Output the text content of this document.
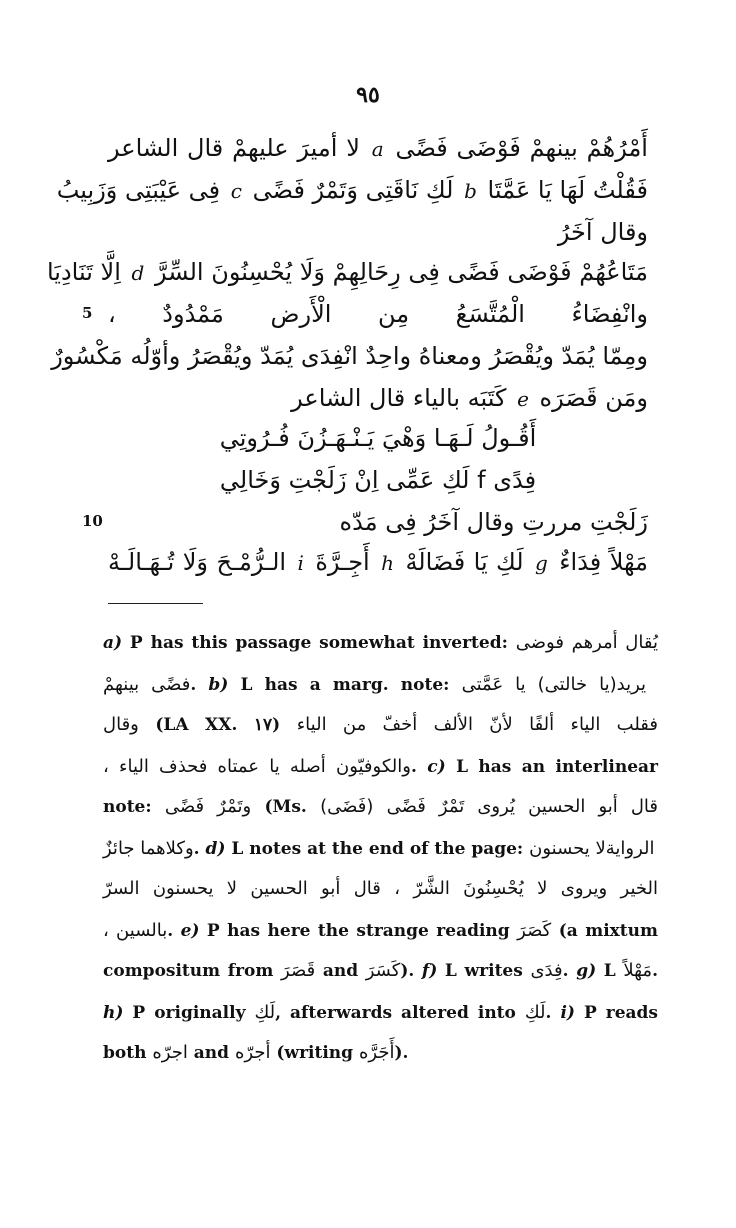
٩٥
أَمْرُهُمْ بينهمْ فَوْضَى فَضًى a لا أميرَ عليهمْ قال الشاعر
فَقُلْتُ لَهَا يَا عَمَّتَا b لَكِ نَاقَتِى وَتَمْرٌ فَضًى c فِى عَيْبَتِى وَزَبِيبُ
وقال آخَرُ
مَتَاعُهُمْ فَوْضَى فَضًى فِى رِحَالِهِمْ وَلَا يُحْسِنُونَ السِّرَّ d اِلَّا تَنَادِيَا
وانْفِضَاءُ الْمُتَّسَعُ مِن الْأَرض مَمْدُودٌ ،
ومِمّا يُمَدّ ويُقْصَرُ ومعناهُ واحِدٌ انْفِدَى يُمَدّ ويُقْصَرُ وأوّلُه مَكْسُورٌ
ومَن قَصَرَه e كَتَبَه بالياء قال الشاعر
أَقُـولُ لَـهَـا وَهْيَ يَـنْـهَـزُنَ فُـرُوتِي
فِدًى f لَكِ عَمِّى اِنْ زَلَجْتِ وَخَالِي
زَلَجْتِ مررتِ وقال آخَرُ فِى مَدّه
مَهْلاً فِدَاءٌ g لَكِ يَا فَضَالَهْ h أَجِـرَّةَ i الـرُّمْـحَ وَلَا تُـهَـالَـهْ
5
10
a) P has this passage somewhat inverted: يُقال أمرهم فوضى
فضًى بينهمْ. b) L has a marg. note: (يا خالتى) يا عَمَّتى يريد
وقال (LA XX. ١٧) فقلب الياء ألفًا لأنّ الألف أخفّ من الياء
والكوفيّون أصله يا عمتاه فحذف الياء ،. c) L has an interlinear
note: وتَمْرٌ فَضًى (Ms. (فَضَى) قال أبو الحسين يُروى تَمْرٌ فَضًى
وكلاهما جائزٌ. d) L notes at the end of the page: لا يحسنون الرواية
الخير ويروى لا يُحْسِنُونَ الشَّرّ ، قال أبو الحسين لا يحسنون السرّ
بالسين ،. e) P has here the strange reading كَصَرَ (a mixtum
compositum from قَصَرَ and كَسَرَ). f) L writes فِدَى. g) L مَهْلاً.
h) P originally لَكِ, afterwards altered into لَكِ. i) P reads
both اجرّه and أجرّه (writing أَجَرَّه).
